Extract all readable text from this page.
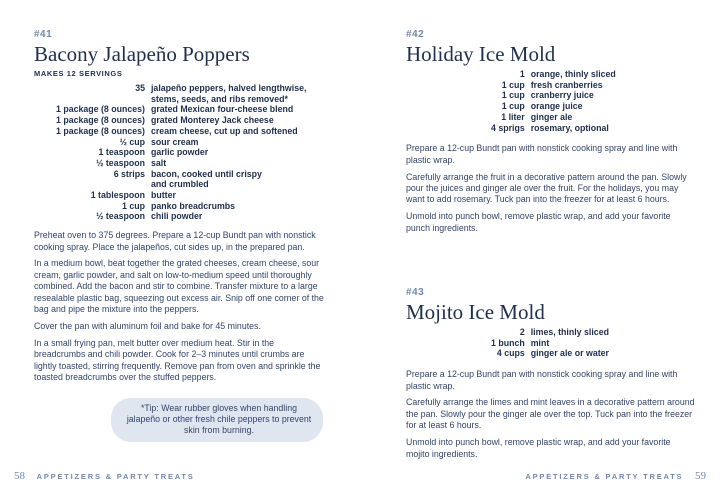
#41
Bacony Jalapeño Poppers
MAKES 12 SERVINGS
35	jalapeño peppers, halved lengthwise,
stems, seeds, and ribs removed*
1 package (8 ounces)	grated Mexican four-cheese blend
1 package (8 ounces)	grated Monterey Jack cheese
1 package (8 ounces)	cream cheese, cut up and softened
½ cup	sour cream
1 teaspoon	garlic powder
½ teaspoon	salt
6 strips	bacon, cooked until crispy
and crumbled
1 tablespoon	butter
1 cup	panko breadcrumbs
½ teaspoon	chili powder

Preheat oven to 375 degrees. Prepare a 12-cup Bundt pan with nonstick cooking spray. Place the jalapeños, cut sides up, in the prepared pan.

In a medium bowl, beat together the grated cheeses, cream cheese, sour cream, garlic powder, and salt on low-to-medium speed until thoroughly combined. Add the bacon and stir to combine. Transfer mixture to a large resealable plastic bag, squeezing out excess air. Snip off one corner of the bag and pipe the mixture into the peppers.

Cover the pan with aluminum foil and bake for 45 minutes.

In a small frying pan, melt butter over medium heat. Stir in the breadcrumbs and chili powder. Cook for 2–3 minutes until crumbs are lightly toasted, stirring frequently. Remove pan from oven and sprinkle the toasted breadcrumbs over the stuffed peppers.

*Tip: Wear rubber gloves when handling jalapeño or other fresh chile peppers to prevent skin from burning.
58 APPETIZERS & PARTY TREATS
#42
Holiday Ice Mold
1	orange, thinly sliced
1 cup	fresh cranberries
1 cup	cranberry juice
1 cup	orange juice
1 liter	ginger ale
4 sprigs	rosemary, optional

Prepare a 12-cup Bundt pan with nonstick cooking spray and line with plastic wrap.

Carefully arrange the fruit in a decorative pattern around the pan. Slowly pour the juices and ginger ale over the fruit. For the holidays, you may want to add rosemary. Tuck pan into the freezer for at least 6 hours.

Unmold into punch bowl, remove plastic wrap, and add your favorite punch ingredients.

#43
Mojito Ice Mold
2	limes, thinly sliced
1 bunch	mint
4 cups	ginger ale or water

Prepare a 12-cup Bundt pan with nonstick cooking spray and line with plastic wrap.

Carefully arrange the limes and mint leaves in a decorative pattern around the pan. Slowly pour the ginger ale over the top. Tuck pan into the freezer for at least 6 hours.

Unmold into punch bowl, remove plastic wrap, and add your favorite mojito ingredients.

APPETIZERS & PARTY TREATS 59
